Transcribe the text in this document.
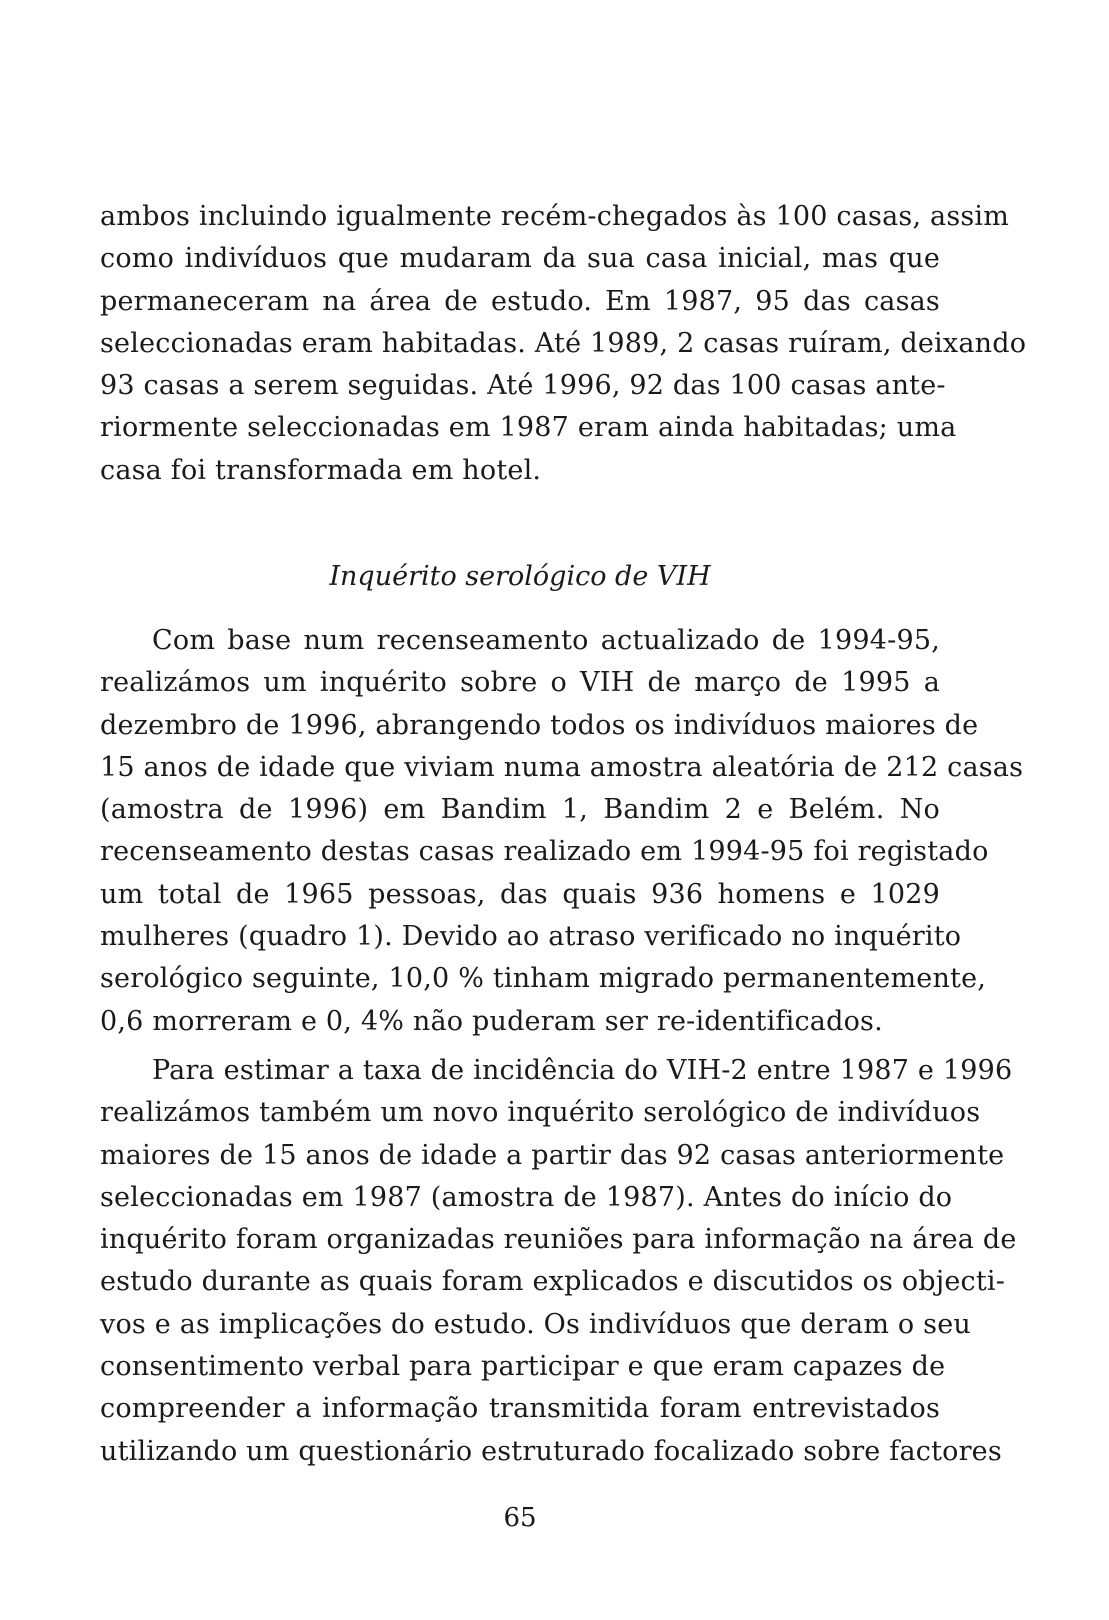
ambos incluindo igualmente recém-chegados às 100 casas, assim
como indivíduos que mudaram da sua casa inicial, mas que
permaneceram na área de estudo. Em 1987, 95 das casas
seleccionadas eram habitadas. Até 1989, 2 casas ruíram, deixando
93 casas a serem seguidas. Até 1996, 92 das 100 casas ante-
riormente seleccionadas em 1987 eram ainda habitadas; uma
casa foi transformada em hotel.
Inquérito serológico de VIH
Com base num recenseamento actualizado de 1994-95,
realizámos um inquérito sobre o VIH de março de 1995 a
dezembro de 1996, abrangendo todos os indivíduos maiores de
15 anos de idade que viviam numa amostra aleatória de 212 casas
(amostra de 1996) em Bandim 1, Bandim 2 e Belém. No
recenseamento destas casas realizado em 1994-95 foi registado
um total de 1965 pessoas, das quais 936 homens e 1029
mulheres (quadro 1). Devido ao atraso verificado no inquérito
serológico seguinte, 10,0 % tinham migrado permanentemente,
0,6 morreram e 0, 4% não puderam ser re-identificados.
Para estimar a taxa de incidência do VIH-2 entre 1987 e 1996
realizámos também um novo inquérito serológico de indivíduos
maiores de 15 anos de idade a partir das 92 casas anteriormente
seleccionadas em 1987 (amostra de 1987). Antes do início do
inquérito foram organizadas reuniões para informação na área de
estudo durante as quais foram explicados e discutidos os objecti-
vos e as implicações do estudo. Os indivíduos que deram o seu
consentimento verbal para participar e que eram capazes de
compreender a informação transmitida foram entrevistados
utilizando um questionário estruturado focalizado sobre factores
65
